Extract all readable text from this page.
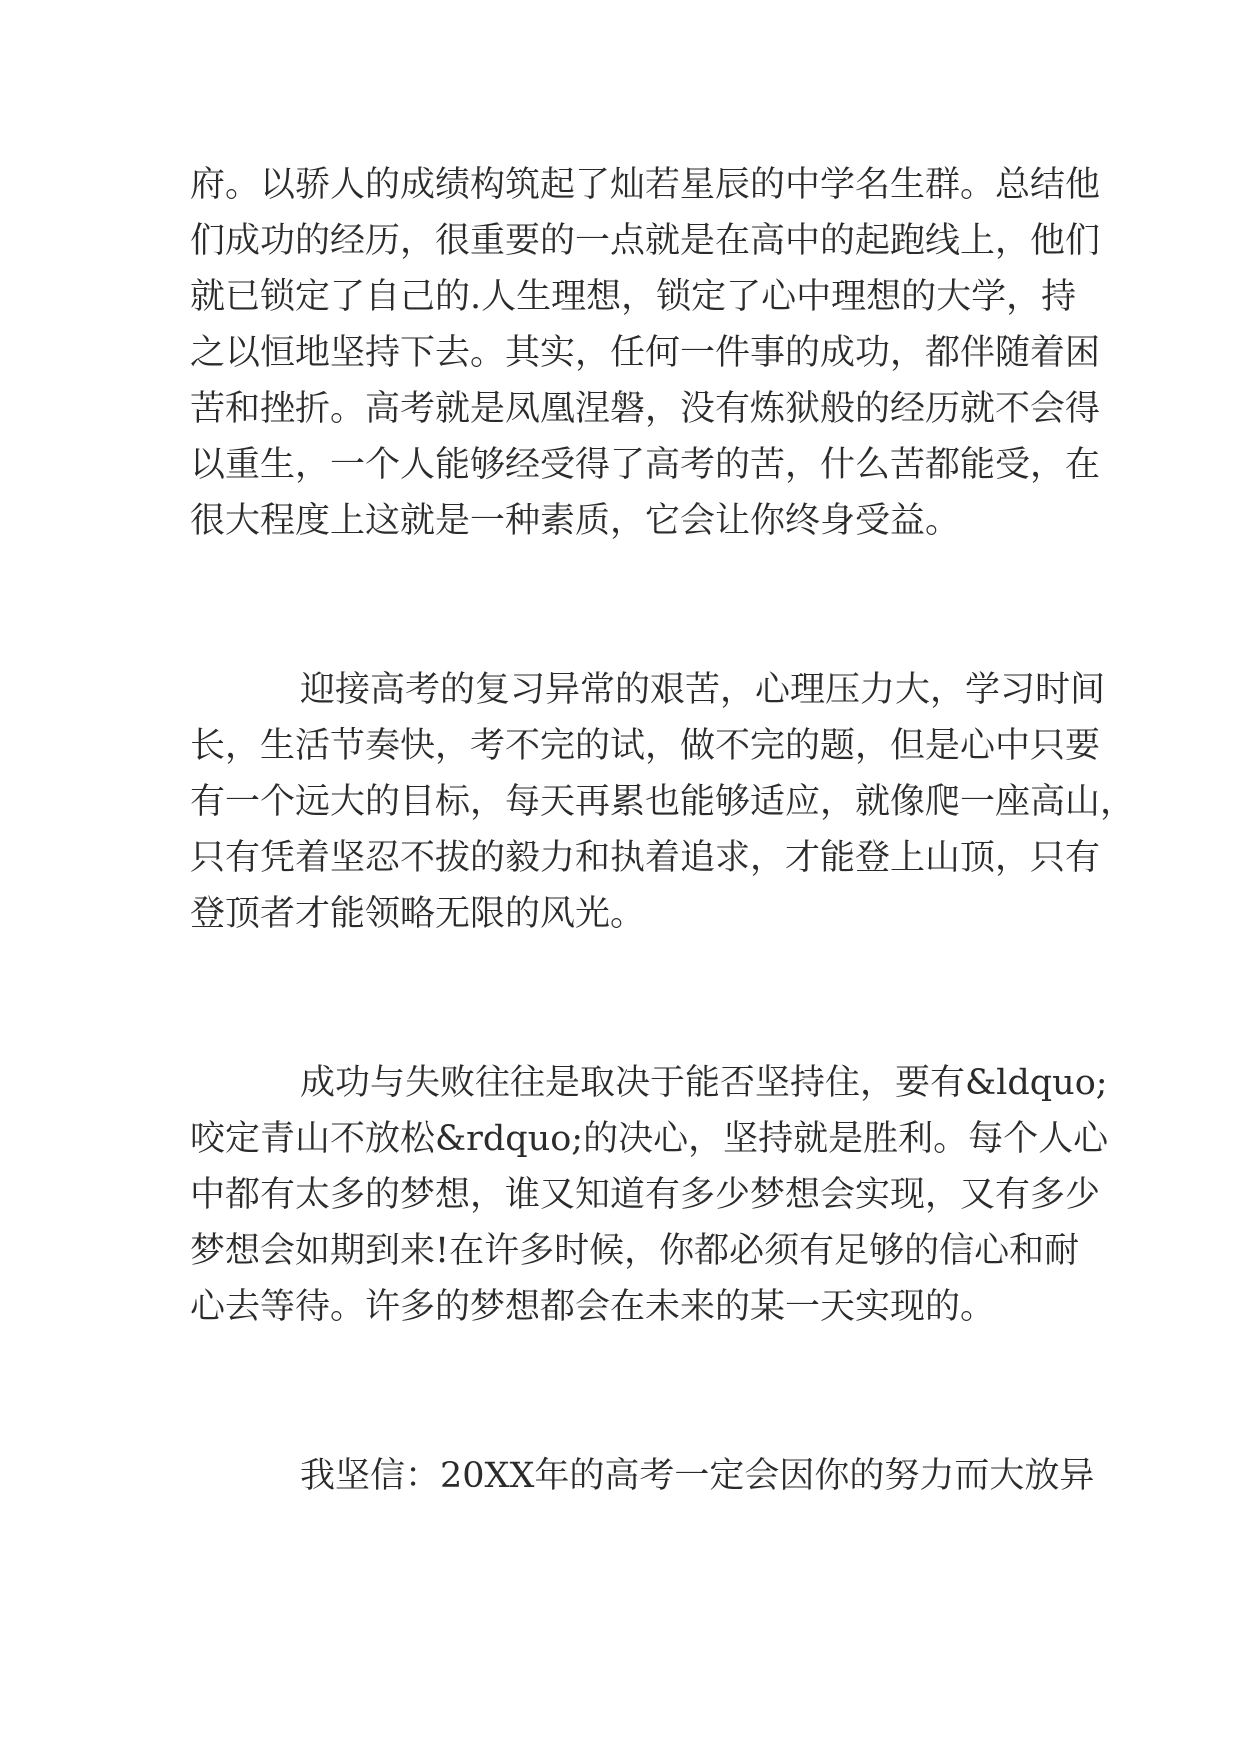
府。以骄人的成绩构筑起了灿若星辰的中学名生群。总结他
们成功的经历，很重要的一点就是在高中的起跑线上，他们
就已锁定了自己的.人生理想，锁定了心中理想的大学，持
之以恒地坚持下去。其实，任何一件事的成功，都伴随着困
苦和挫折。高考就是凤凰涅磐，没有炼狱般的经历就不会得
以重生，一个人能够经受得了高考的苦，什么苦都能受，在
很大程度上这就是一种素质，它会让你终身受益。
迎接高考的复习异常的艰苦，心理压力大，学习时间
长，生活节奏快，考不完的试，做不完的题，但是心中只要
有一个远大的目标，每天再累也能够适应，就像爬一座高山，
只有凭着坚忍不拔的毅力和执着追求，才能登上山顶，只有
登顶者才能领略无限的风光。
成功与失败往往是取决于能否坚持住，要有&ldquo;
咬定青山不放松&rdquo;的决心，坚持就是胜利。每个人心
中都有太多的梦想，谁又知道有多少梦想会实现，又有多少
梦想会如期到来!在许多时候，你都必须有足够的信心和耐
心去等待。许多的梦想都会在未来的某一天实现的。
我坚信：20XX年的高考一定会因你的努力而大放异
